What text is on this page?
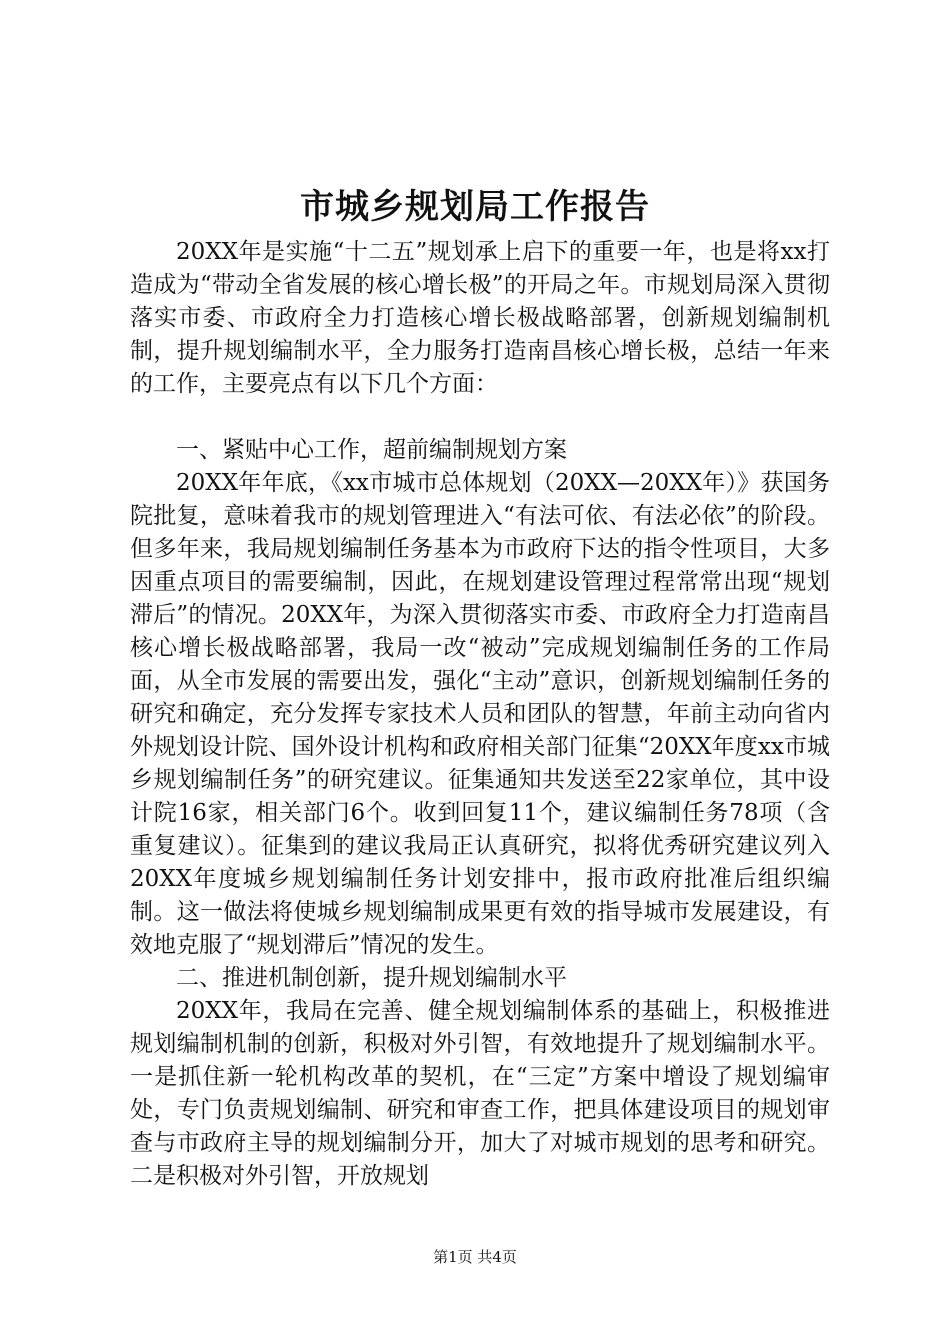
市城乡规划局工作报告

20XX年是实施“十二五”规划承上启下的重要一年，也是将xx打造成为“带动全省发展的核心增长极”的开局之年。市规划局深入贯彻落实市委、市政府全力打造核心增长极战略部署，创新规划编制机制，提升规划编制水平，全力服务打造南昌核心增长极，总结一年来的工作，主要亮点有以下几个方面：

一、紧贴中心工作，超前编制规划方案

20XX年年底，《xx市城市总体规划（20XX—20XX年）》获国务院批复，意味着我市的规划管理进入“有法可依、有法必依”的阶段。但多年来，我局规划编制任务基本为市政府下达的指令性项目，大多因重点项目的需要编制，因此，在规划建设管理过程常常出现“规划滞后”的情况。20XX年，为深入贯彻落实市委、市政府全力打造南昌核心增长极战略部署，我局一改“被动”完成规划编制任务的工作局面，从全市发展的需要出发，强化“主动”意识，创新规划编制任务的研究和确定，充分发挥专家技术人员和团队的智慧，年前主动向省内外规划设计院、国外设计机构和政府相关部门征集“20XX年度xx市城乡规划编制任务”的研究建议。征集通知共发送至22家单位，其中设计院16家，相关部门6个。收到回复11个，建议编制任务78项（含重复建议）。征集到的建议我局正认真研究，拟将优秀研究建议列入20XX年度城乡规划编制任务计划安排中，报市政府批准后组织编制。这一做法将使城乡规划编制成果更有效的指导城市发展建设，有效地克服了“规划滞后”情况的发生。

二、推进机制创新，提升规划编制水平

20XX年，我局在完善、健全规划编制体系的基础上，积极推进规划编制机制的创新，积极对外引智，有效地提升了规划编制水平。一是抓住新一轮机构改革的契机，在“三定”方案中增设了规划编审处，专门负责规划编制、研究和审查工作，把具体建设项目的规划审查与市政府主导的规划编制分开，加大了对城市规划的思考和研究。二是积极对外引智，开放规划

第1页 共4页
